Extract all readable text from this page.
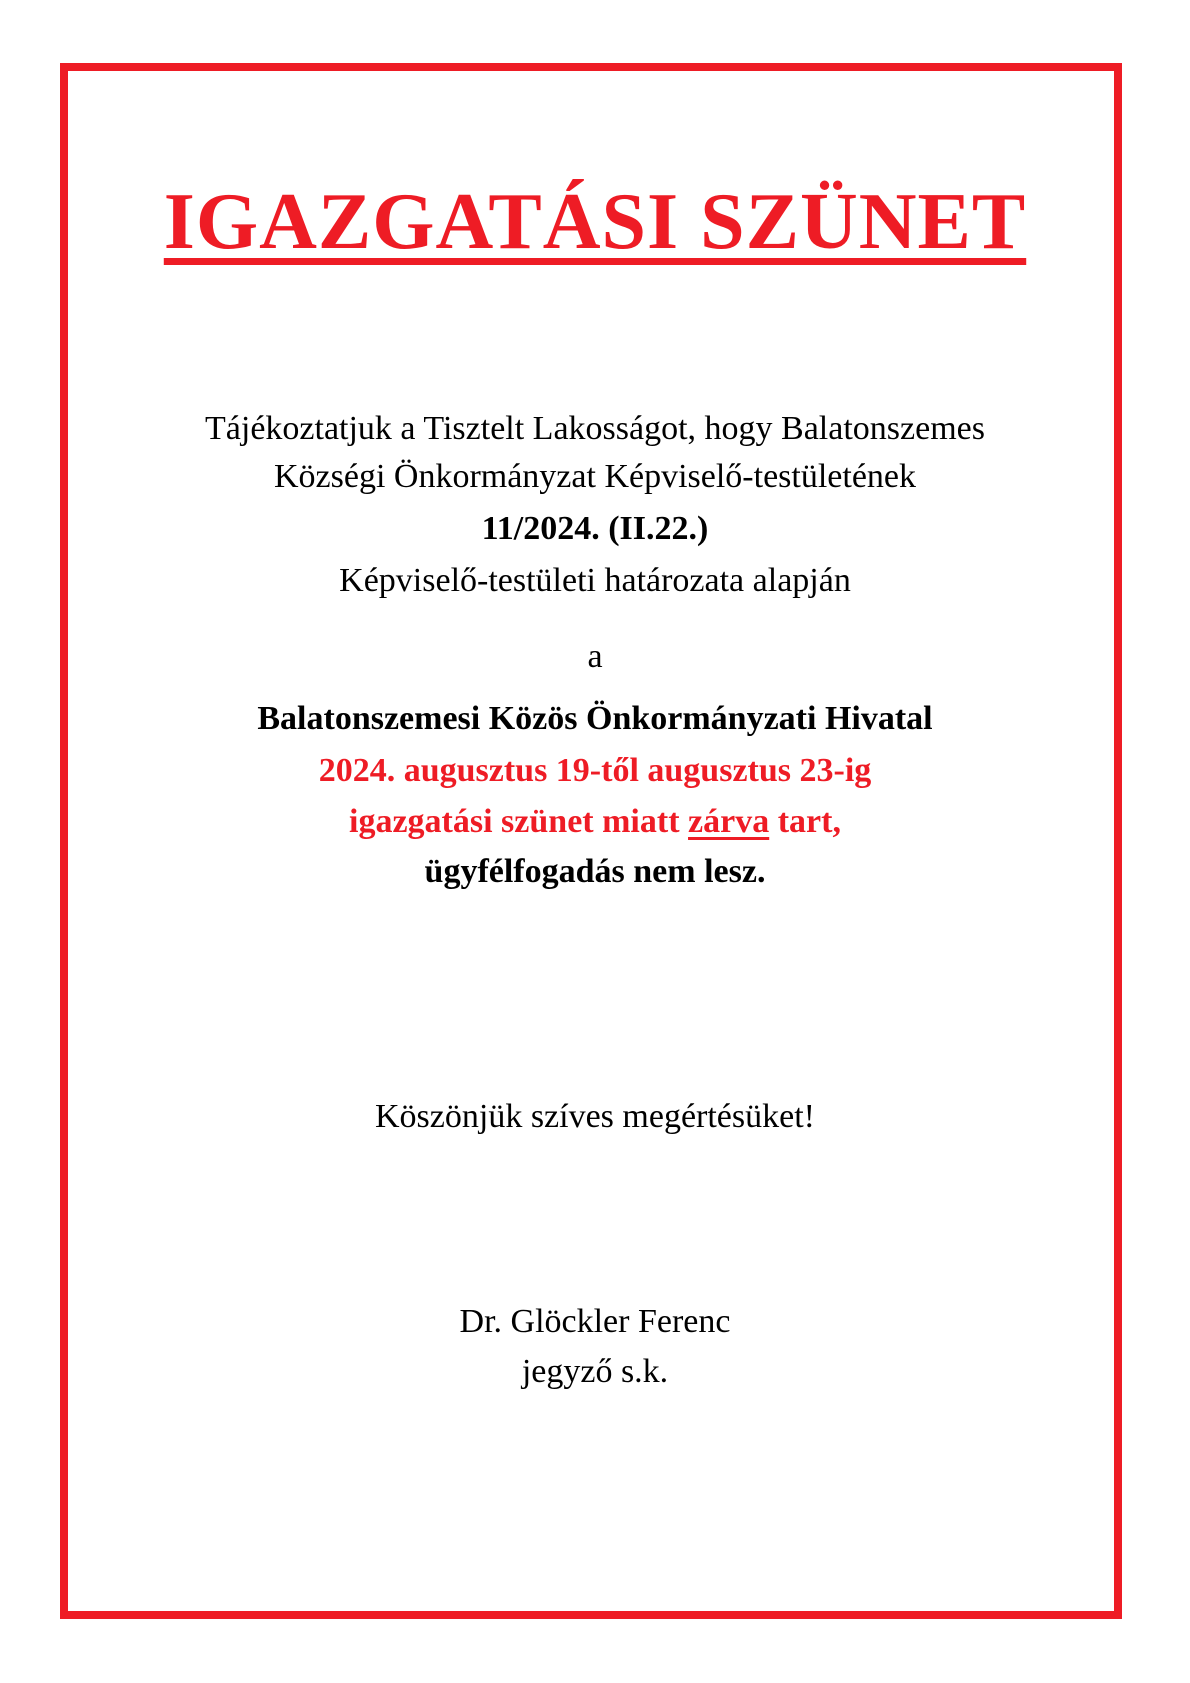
IGAZGATÁSI SZÜNET
Tájékoztatjuk a Tisztelt Lakosságot, hogy Balatonszemes
Községi Önkormányzat Képviselő-testületének
11/2024. (II.22.)
Képviselő-testületi határozata alapján
a
Balatonszemesi Közös Önkormányzati Hivatal
2024. augusztus 19-től augusztus 23-ig
igazgatási szünet miatt zárva tart,
ügyfélfogadás nem lesz.
Köszönjük szíves megértésüket!
Dr. Glöckler Ferenc
jegyző s.k.
